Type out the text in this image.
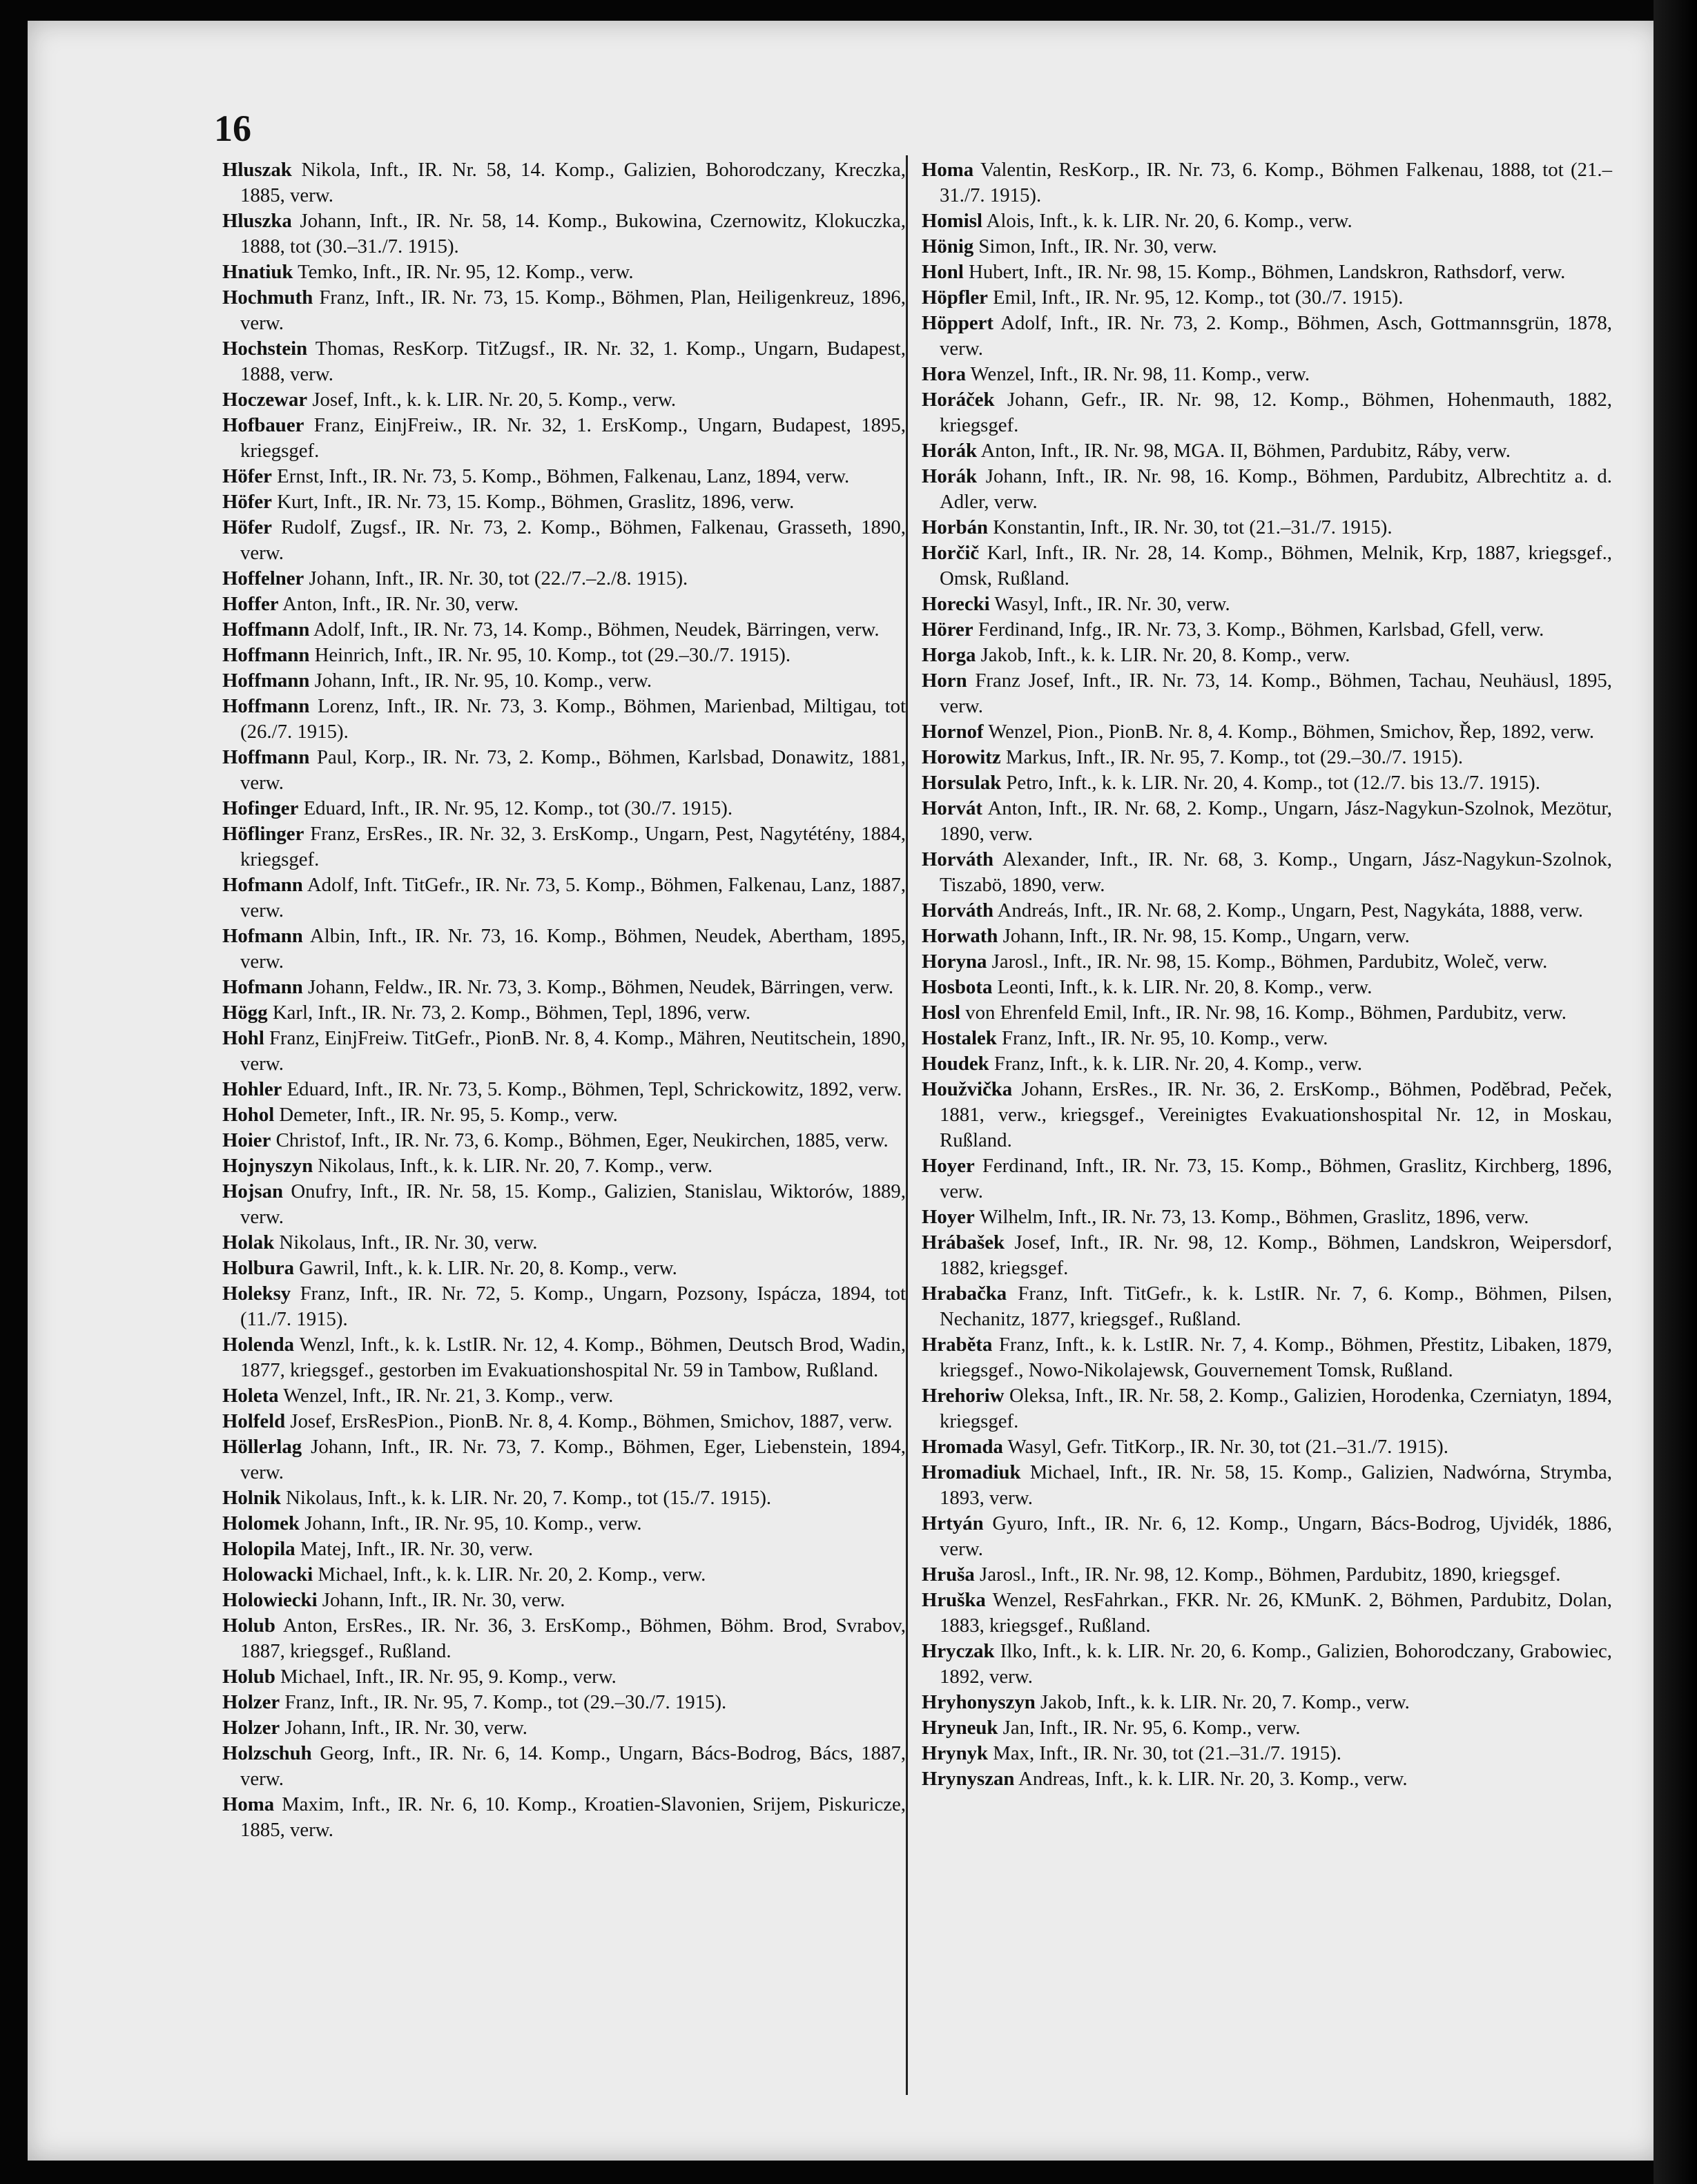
16

Hluszak Nikola, Inft., IR. Nr. 58, 14. Komp., Galizien, Bohorodczany, Kreczka, 1885, verw.
Hluszka Johann, Inft., IR. Nr. 58, 14. Komp., Bukowina, Czernowitz, Klokuczka, 1888, tot (30.–31./7. 1915).
Hnatiuk Temko, Inft., IR. Nr. 95, 12. Komp., verw.
Hochmuth Franz, Inft., IR. Nr. 73, 15. Komp., Böhmen, Plan, Heiligenkreuz, 1896, verw.
Hochstein Thomas, ResKorp. TitZugsf., IR. Nr. 32, 1. Komp., Ungarn, Budapest, 1888, verw.
Hoczewar Josef, Inft., k. k. LIR. Nr. 20, 5. Komp., verw.
Hofbauer Franz, EinjFreiw., IR. Nr. 32, 1. ErsKomp., Ungarn, Budapest, 1895, kriegsgef.
Höfer Ernst, Inft., IR. Nr. 73, 5. Komp., Böhmen, Falkenau, Lanz, 1894, verw.
Höfer Kurt, Inft., IR. Nr. 73, 15. Komp., Böhmen, Graslitz, 1896, verw.
Höfer Rudolf, Zugsf., IR. Nr. 73, 2. Komp., Böhmen, Falkenau, Grasseth, 1890, verw.
Hoffelner Johann, Inft., IR. Nr. 30, tot (22./7.–2./8. 1915).
Hoffer Anton, Inft., IR. Nr. 30, verw.
Hoffmann Adolf, Inft., IR. Nr. 73, 14. Komp., Böhmen, Neudek, Bärringen, verw.
Hoffmann Heinrich, Inft., IR. Nr. 95, 10. Komp., tot (29.–30./7. 1915).
Hoffmann Johann, Inft., IR. Nr. 95, 10. Komp., verw.
Hoffmann Lorenz, Inft., IR. Nr. 73, 3. Komp., Böhmen, Marienbad, Miltigau, tot (26./7. 1915).
Hoffmann Paul, Korp., IR. Nr. 73, 2. Komp., Böhmen, Karlsbad, Donawitz, 1881, verw.
Hofinger Eduard, Inft., IR. Nr. 95, 12. Komp., tot (30./7. 1915).
Höflinger Franz, ErsRes., IR. Nr. 32, 3. ErsKomp., Ungarn, Pest, Nagytétény, 1884, kriegsgef.
Hofmann Adolf, Inft. TitGefr., IR. Nr. 73, 5. Komp., Böhmen, Falkenau, Lanz, 1887, verw.
Hofmann Albin, Inft., IR. Nr. 73, 16. Komp., Böhmen, Neudek, Abertham, 1895, verw.
Hofmann Johann, Feldw., IR. Nr. 73, 3. Komp., Böhmen, Neudek, Bärringen, verw.
Högg Karl, Inft., IR. Nr. 73, 2. Komp., Böhmen, Tepl, 1896, verw.
Hohl Franz, EinjFreiw. TitGefr., PionB. Nr. 8, 4. Komp., Mähren, Neutitschein, 1890, verw.
Hohler Eduard, Inft., IR. Nr. 73, 5. Komp., Böhmen, Tepl, Schrickowitz, 1892, verw.
Hohol Demeter, Inft., IR. Nr. 95, 5. Komp., verw.
Hoier Christof, Inft., IR. Nr. 73, 6. Komp., Böhmen, Eger, Neukirchen, 1885, verw.
Hojnyszyn Nikolaus, Inft., k. k. LIR. Nr. 20, 7. Komp., verw.
Hojsan Onufry, Inft., IR. Nr. 58, 15. Komp., Galizien, Stanislau, Wiktorów, 1889, verw.
Holak Nikolaus, Inft., IR. Nr. 30, verw.
Holbura Gawril, Inft., k. k. LIR. Nr. 20, 8. Komp., verw.
Holeksy Franz, Inft., IR. Nr. 72, 5. Komp., Ungarn, Pozsony, Ispácza, 1894, tot (11./7. 1915).
Holenda Wenzl, Inft., k. k. LstIR. Nr. 12, 4. Komp., Böhmen, Deutsch Brod, Wadin, 1877, kriegsgef., gestorben im Evakuationshospital Nr. 59 in Tambow, Rußland.
Holeta Wenzel, Inft., IR. Nr. 21, 3. Komp., verw.
Holfeld Josef, ErsResPion., PionB. Nr. 8, 4. Komp., Böhmen, Smichov, 1887, verw.
Höllerlag Johann, Inft., IR. Nr. 73, 7. Komp., Böhmen, Eger, Liebenstein, 1894, verw.
Holnik Nikolaus, Inft., k. k. LIR. Nr. 20, 7. Komp., tot (15./7. 1915).
Holomek Johann, Inft., IR. Nr. 95, 10. Komp., verw.
Holopila Matej, Inft., IR. Nr. 30, verw.
Holowacki Michael, Inft., k. k. LIR. Nr. 20, 2. Komp., verw.
Holowiecki Johann, Inft., IR. Nr. 30, verw.
Holub Anton, ErsRes., IR. Nr. 36, 3. ErsKomp., Böhmen, Böhm. Brod, Svrabov, 1887, kriegsgef., Rußland.
Holub Michael, Inft., IR. Nr. 95, 9. Komp., verw.
Holzer Franz, Inft., IR. Nr. 95, 7. Komp., tot (29.–30./7. 1915).
Holzer Johann, Inft., IR. Nr. 30, verw.
Holzschuh Georg, Inft., IR. Nr. 6, 14. Komp., Ungarn, Bács-Bodrog, Bács, 1887, verw.
Homa Maxim, Inft., IR. Nr. 6, 10. Komp., Kroatien-Slavonien, Srijem, Piskuricze, 1885, verw.
Homa Valentin, ResKorp., IR. Nr. 73, 6. Komp., Böhmen Falkenau, 1888, tot (21.–31./7. 1915).
Homisl Alois, Inft., k. k. LIR. Nr. 20, 6. Komp., verw.
Hönig Simon, Inft., IR. Nr. 30, verw.
Honl Hubert, Inft., IR. Nr. 98, 15. Komp., Böhmen, Landskron, Rathsdorf, verw.
Höpfler Emil, Inft., IR. Nr. 95, 12. Komp., tot (30./7. 1915).
Höppert Adolf, Inft., IR. Nr. 73, 2. Komp., Böhmen, Asch, Gottmannsgrün, 1878, verw.
Hora Wenzel, Inft., IR. Nr. 98, 11. Komp., verw.
Horáček Johann, Gefr., IR. Nr. 98, 12. Komp., Böhmen, Hohenmauth, 1882, kriegsgef.
Horák Anton, Inft., IR. Nr. 98, MGA. II, Böhmen, Pardubitz, Ráby, verw.
Horák Johann, Inft., IR. Nr. 98, 16. Komp., Böhmen, Pardubitz, Albrechtitz a. d. Adler, verw.
Horbán Konstantin, Inft., IR. Nr. 30, tot (21.–31./7. 1915).
Horčič Karl, Inft., IR. Nr. 28, 14. Komp., Böhmen, Melnik, Krp, 1887, kriegsgef., Omsk, Rußland.
Horecki Wasyl, Inft., IR. Nr. 30, verw.
Hörer Ferdinand, Infg., IR. Nr. 73, 3. Komp., Böhmen, Karlsbad, Gfell, verw.
Horga Jakob, Inft., k. k. LIR. Nr. 20, 8. Komp., verw.
Horn Franz Josef, Inft., IR. Nr. 73, 14. Komp., Böhmen, Tachau, Neuhäusl, 1895, verw.
Hornof Wenzel, Pion., PionB. Nr. 8, 4. Komp., Böhmen, Smichov, Řep, 1892, verw.
Horowitz Markus, Inft., IR. Nr. 95, 7. Komp., tot (29.–30./7. 1915).
Horsulak Petro, Inft., k. k. LIR. Nr. 20, 4. Komp., tot (12./7. bis 13./7. 1915).
Horvát Anton, Inft., IR. Nr. 68, 2. Komp., Ungarn, Jász-Nagykun-Szolnok, Mezötur, 1890, verw.
Horváth Alexander, Inft., IR. Nr. 68, 3. Komp., Ungarn, Jász-Nagykun-Szolnok, Tiszabö, 1890, verw.
Horváth Andreás, Inft., IR. Nr. 68, 2. Komp., Ungarn, Pest, Nagykáta, 1888, verw.
Horwath Johann, Inft., IR. Nr. 98, 15. Komp., Ungarn, verw.
Horyna Jarosl., Inft., IR. Nr. 98, 15. Komp., Böhmen, Pardubitz, Woleč, verw.
Hosbota Leonti, Inft., k. k. LIR. Nr. 20, 8. Komp., verw.
Hosl von Ehrenfeld Emil, Inft., IR. Nr. 98, 16. Komp., Böhmen, Pardubitz, verw.
Hostalek Franz, Inft., IR. Nr. 95, 10. Komp., verw.
Houdek Franz, Inft., k. k. LIR. Nr. 20, 4. Komp., verw.
Houžvička Johann, ErsRes., IR. Nr. 36, 2. ErsKomp., Böhmen, Poděbrad, Peček, 1881, verw., kriegsgef., Vereinigtes Evakuationshospital Nr. 12, in Moskau, Rußland.
Hoyer Ferdinand, Inft., IR. Nr. 73, 15. Komp., Böhmen, Graslitz, Kirchberg, 1896, verw.
Hoyer Wilhelm, Inft., IR. Nr. 73, 13. Komp., Böhmen, Graslitz, 1896, verw.
Hrábašek Josef, Inft., IR. Nr. 98, 12. Komp., Böhmen, Landskron, Weipersdorf, 1882, kriegsgef.
Hrabačka Franz, Inft. TitGefr., k. k. LstIR. Nr. 7, 6. Komp., Böhmen, Pilsen, Nechanitz, 1877, kriegsgef., Rußland.
Hraběta Franz, Inft., k. k. LstIR. Nr. 7, 4. Komp., Böhmen, Přestitz, Libaken, 1879, kriegsgef., Nowo-Nikolajewsk, Gouvernement Tomsk, Rußland.
Hrehoriw Oleksa, Inft., IR. Nr. 58, 2. Komp., Galizien, Horodenka, Czerniatyn, 1894, kriegsgef.
Hromada Wasyl, Gefr. TitKorp., IR. Nr. 30, tot (21.–31./7. 1915).
Hromadiuk Michael, Inft., IR. Nr. 58, 15. Komp., Galizien, Nadwórna, Strymba, 1893, verw.
Hrtyán Gyuro, Inft., IR. Nr. 6, 12. Komp., Ungarn, Bács-Bodrog, Ujvidék, 1886, verw.
Hruša Jarosl., Inft., IR. Nr. 98, 12. Komp., Böhmen, Pardubitz, 1890, kriegsgef.
Hruška Wenzel, ResFahrkan., FKR. Nr. 26, KMunK. 2, Böhmen, Pardubitz, Dolan, 1883, kriegsgef., Rußland.
Hryczak Ilko, Inft., k. k. LIR. Nr. 20, 6. Komp., Galizien, Bohorodczany, Grabowiec, 1892, verw.
Hryhonyszyn Jakob, Inft., k. k. LIR. Nr. 20, 7. Komp., verw.
Hryneuk Jan, Inft., IR. Nr. 95, 6. Komp., verw.
Hrynyk Max, Inft., IR. Nr. 30, tot (21.–31./7. 1915).
Hrynyszan Andreas, Inft., k. k. LIR. Nr. 20, 3. Komp., verw.
